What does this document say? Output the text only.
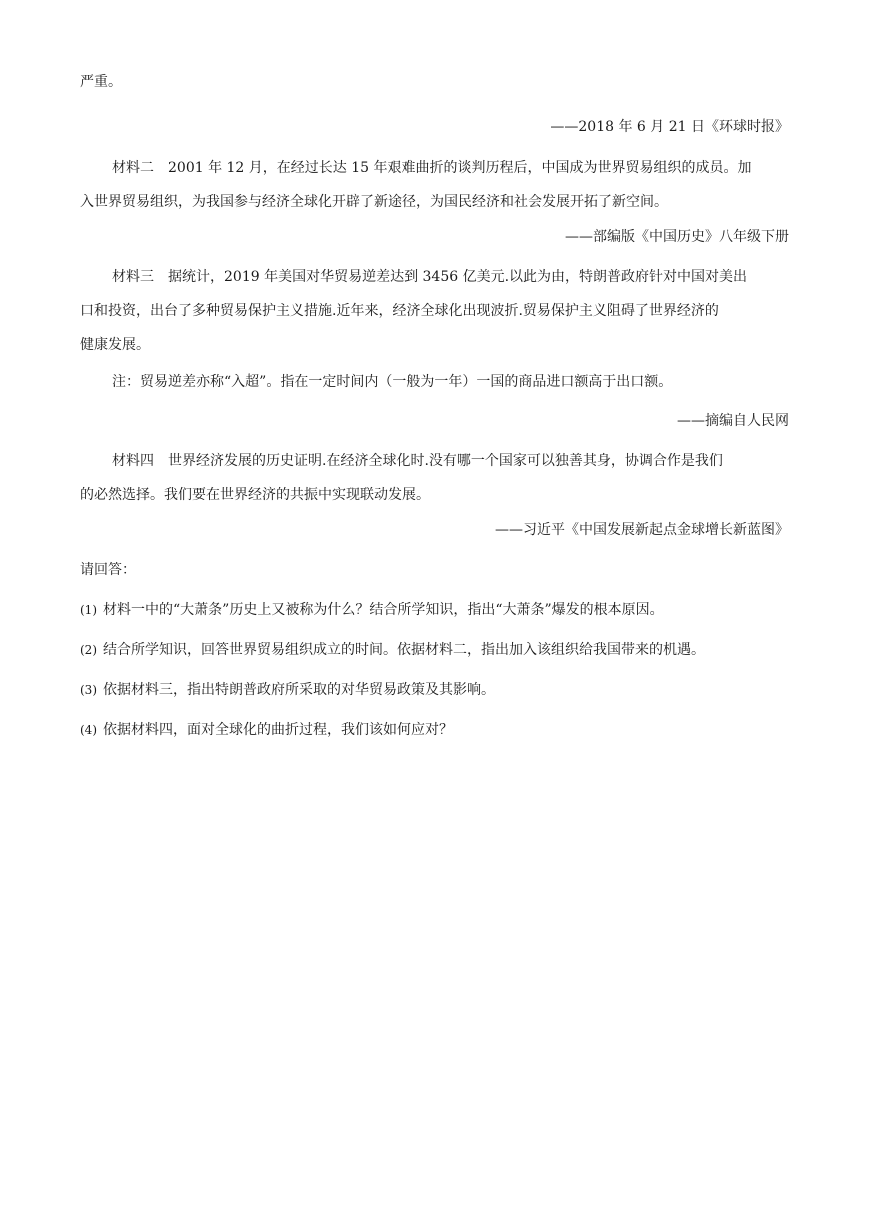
严重。
——2018 年 6 月 21 日《环球时报》
材料二　2001 年 12 月，在经过长达 15 年艰难曲折的谈判历程后，中国成为世界贸易组织的成员。加
入世界贸易组织，为我国参与经济全球化开辟了新途径，为国民经济和社会发展开拓了新空间。
——部编版《中国历史》八年级下册
材料三　据统计，2019 年美国对华贸易逆差达到 3456 亿美元.以此为由，特朗普政府针对中国对美出
口和投资，出台了多种贸易保护主义措施.近年来，经济全球化出现波折.贸易保护主义阻碍了世界经济的
健康发展。
注：贸易逆差亦称“入超”。指在一定时间内（一般为一年）一国的商品进口额高于出口额。
——摘编自人民网
材料四　世界经济发展的历史证明.在经济全球化时.没有哪一个国家可以独善其身，协调合作是我们
的必然选择。我们要在世界经济的共振中实现联动发展。
——习近平《中国发展新起点金球增长新蓝图》
请回答：
(1) 材料一中的“大萧条”历史上又被称为什么？结合所学知识，指出“大萧条”爆发的根本原因。
(2) 结合所学知识，回答世界贸易组织成立的时间。依据材料二，指出加入该组织给我国带来的机遇。
(3) 依据材料三，指出特朗普政府所采取的对华贸易政策及其影响。
(4) 依据材料四，面对全球化的曲折过程，我们该如何应对？
